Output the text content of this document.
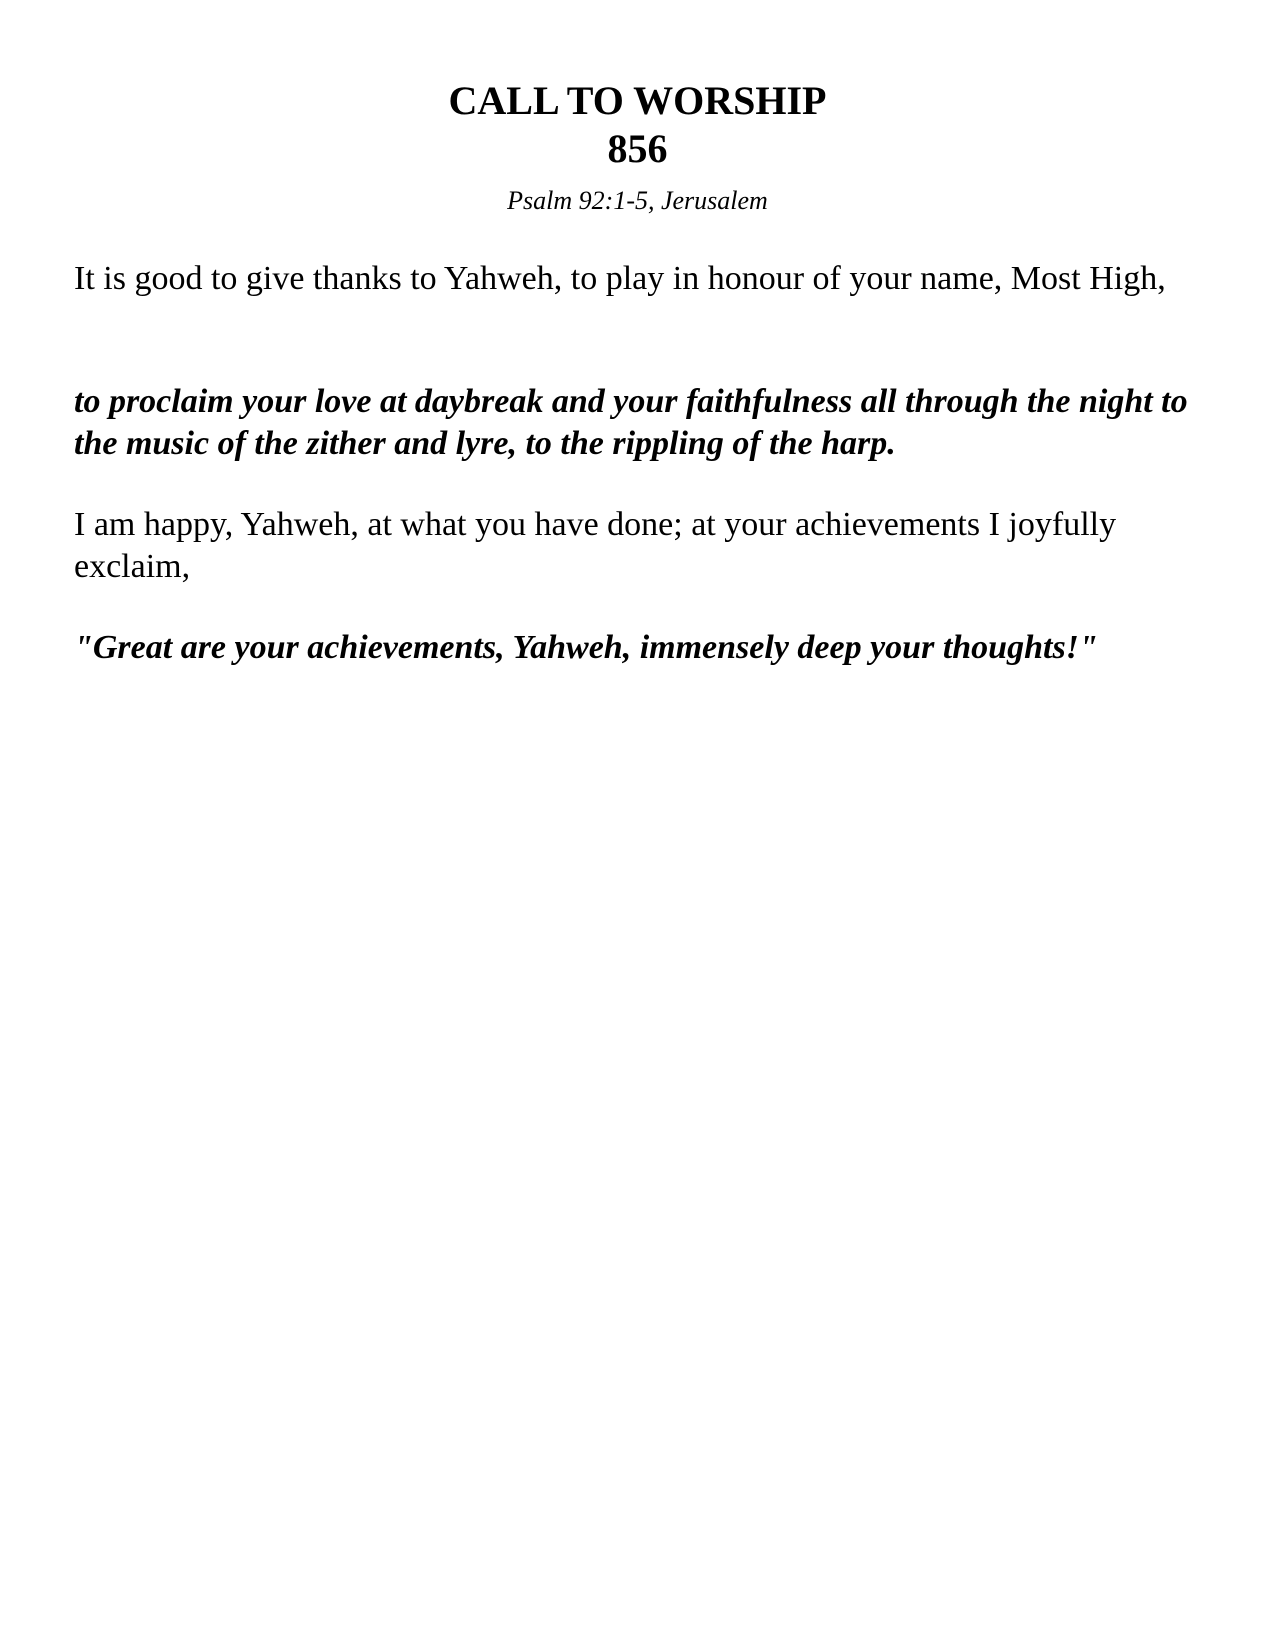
CALL TO WORSHIP
856
Psalm 92:1-5, Jerusalem

It is good to give thanks to Yahweh, to play in honour of your name, Most High,

to proclaim your love at daybreak and your faithfulness all through the night to the music of the zither and lyre, to the rippling of the harp.

I am happy, Yahweh, at what you have done; at your achievements I joyfully exclaim,

"Great are your achievements, Yahweh, immensely deep your thoughts!"
